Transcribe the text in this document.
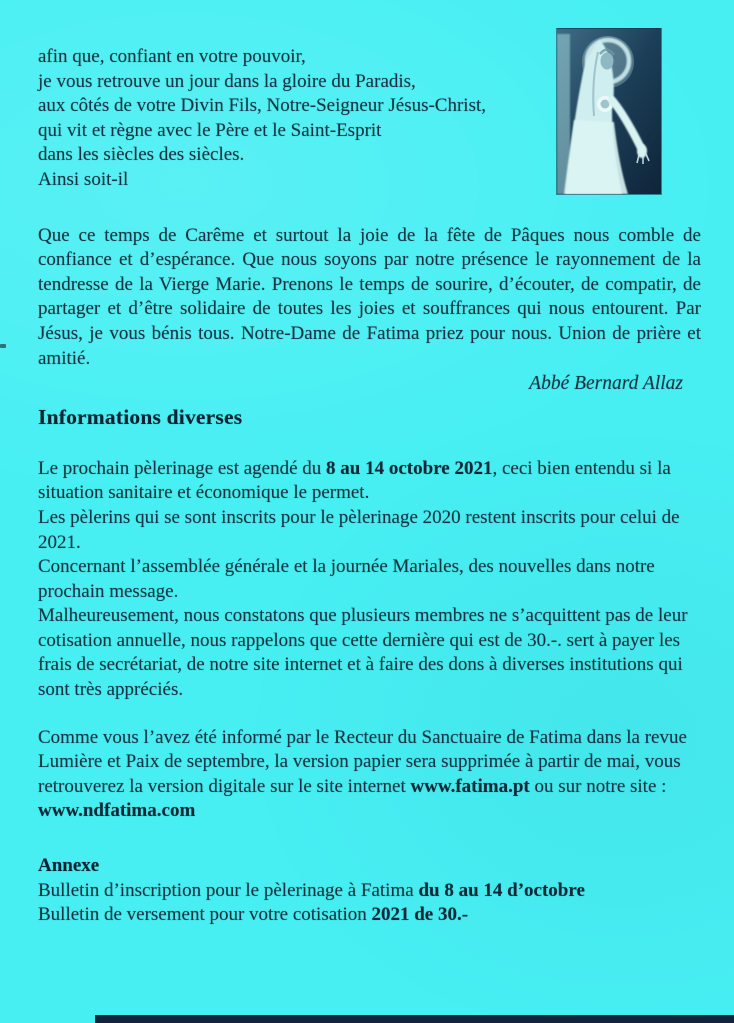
afin que, confiant en votre pouvoir,
je vous retrouve un jour dans la gloire du Paradis,
aux côtés de votre Divin Fils, Notre-Seigneur Jésus-Christ,
qui vit et règne avec le Père et le Saint-Esprit
dans les siècles des siècles.
Ainsi soit-il

Que ce temps de Carême et surtout la joie de la fête de Pâques nous comble de confiance et d’espérance. Que nous soyons par notre présence le rayonnement de la tendresse de la Vierge Marie. Prenons le temps de sourire, d’écouter, de compatir, de partager et d’être solidaire de toutes les joies et souffrances qui nous entourent. Par Jésus, je vous bénis tous. Notre-Dame de Fatima priez pour nous. Union de prière et amitié.

Abbé Bernard Allaz
Informations diverses

Le prochain pèlerinage est agendé du 8 au 14 octobre 2021, ceci bien entendu si la situation sanitaire et économique le permet.

Les pèlerins qui se sont inscrits pour le pèlerinage 2020 restent inscrits pour celui de 2021.

Concernant l’assemblée générale et la journée Mariales, des nouvelles dans notre prochain message.

Malheureusement, nous constatons que plusieurs membres ne s’acquittent pas de leur cotisation annuelle, nous rappelons que cette dernière qui est de 30.-. sert à payer les frais de secrétariat, de notre site internet et à faire des dons à diverses institutions qui sont très appréciés.

Comme vous l’avez été informé par le Recteur du Sanctuaire de Fatima dans la revue Lumière et Paix de septembre, la version papier sera supprimée à partir de mai, vous retrouverez la version digitale sur le site internet www.fatima.pt ou sur notre site : www.ndfatima.com

Annexe

Bulletin d’inscription pour le pèlerinage à Fatima du 8 au 14 d’octobre

Bulletin de versement pour votre cotisation 2021 de 30.-
